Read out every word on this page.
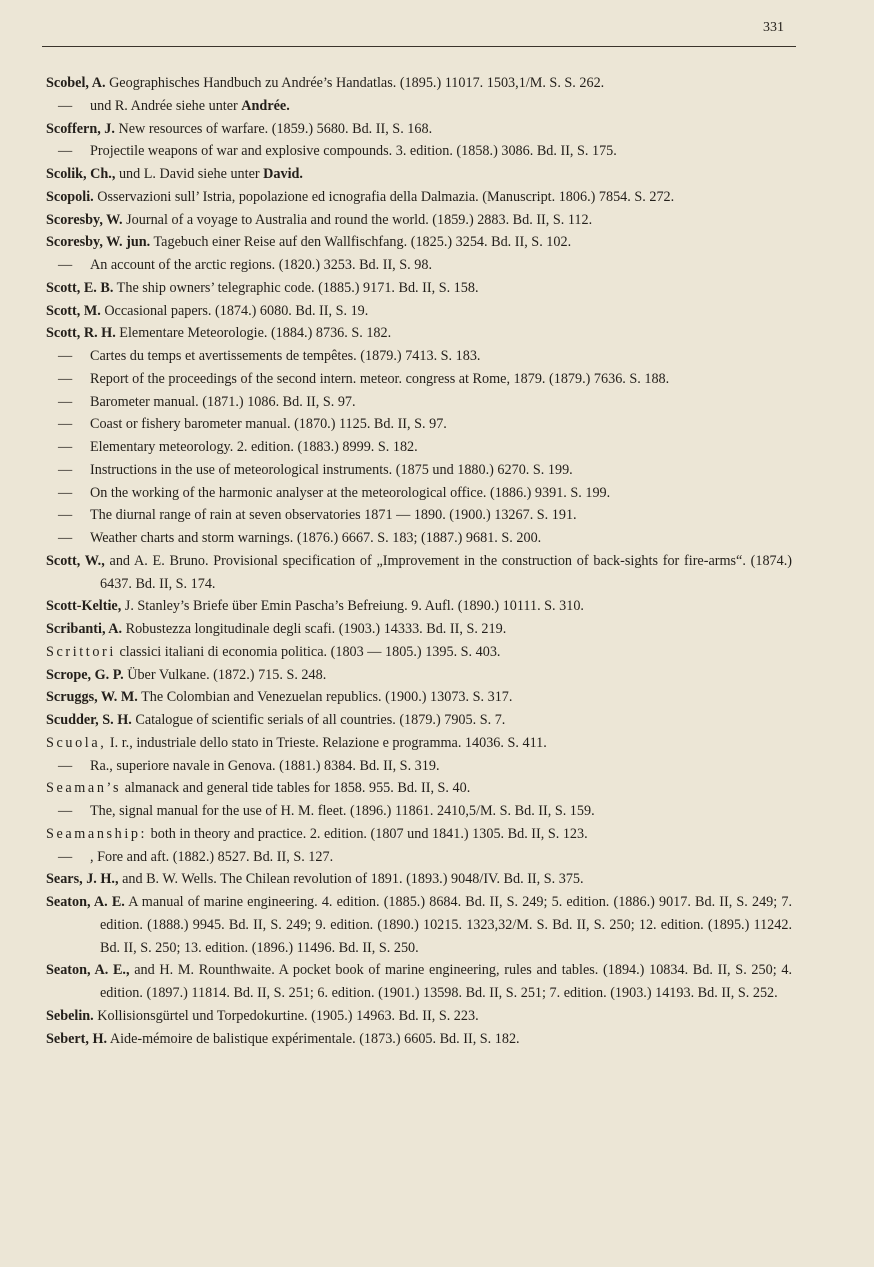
331

Scobel, A. Geographisches Handbuch zu Andrée’s Handatlas. (1895.) 11017. 1503,1/M. S. S. 262.

— und R. Andrée siehe unter Andrée.

Scoffern, J. New resources of warfare. (1859.) 5680. Bd. II, S. 168.

— Projectile weapons of war and explosive compounds. 3. edition. (1858.) 3086. Bd. II, S. 175.

Scolik, Ch., und L. David siehe unter David.

Scopoli. Osservazioni sull’ Istria, popolazione ed icnografia della Dalmazia. (Manuscript. 1806.) 7854. S. 272.

Scoresby, W. Journal of a voyage to Australia and round the world. (1859.) 2883. Bd. II, S. 112.

Scoresby, W. jun. Tagebuch einer Reise auf den Wallfischfang. (1825.) 3254. Bd. II, S. 102.

— An account of the arctic regions. (1820.) 3253. Bd. II, S. 98.

Scott, E. B. The ship owners’ telegraphic code. (1885.) 9171. Bd. II, S. 158.

Scott, M. Occasional papers. (1874.) 6080. Bd. II, S. 19.

Scott, R. H. Elementare Meteorologie. (1884.) 8736. S. 182.

— Cartes du temps et avertissements de tempêtes. (1879.) 7413. S. 183.

— Report of the proceedings of the second intern. meteor. congress at Rome, 1879. (1879.) 7636. S. 188.

— Barometer manual. (1871.) 1086. Bd. II, S. 97.

— Coast or fishery barometer manual. (1870.) 1125. Bd. II, S. 97.

— Elementary meteorology. 2. edition. (1883.) 8999. S. 182.

— Instructions in the use of meteorological instruments. (1875 und 1880.) 6270. S. 199.

— On the working of the harmonic analyser at the meteorological office. (1886.) 9391. S. 199.

— The diurnal range of rain at seven observatories 1871 — 1890. (1900.) 13267. S. 191.

— Weather charts and storm warnings. (1876.) 6667. S. 183; (1887.) 9681. S. 200.

Scott, W., and A. E. Bruno. Provisional specification of „Improvement in the construction of back-sights for fire-arms“. (1874.) 6437. Bd. II, S. 174.

Scott-Keltie, J. Stanley’s Briefe über Emin Pascha’s Befreiung. 9. Aufl. (1890.) 10111. S. 310.

Scribanti, A. Robustezza longitudinale degli scafi. (1903.) 14333. Bd. II, S. 219.

Scrittori classici italiani di economia politica. (1803 — 1805.) 1395. S. 403.

Scrope, G. P. Über Vulkane. (1872.) 715. S. 248.

Scruggs, W. M. The Colombian and Venezuelan republics. (1900.) 13073. S. 317.

Scudder, S. H. Catalogue of scientific serials of all countries. (1879.) 7905. S. 7.

Scuola, I. r., industriale dello stato in Trieste. Relazione e programma. 14036. S. 411.

— Ra., superiore navale in Genova. (1881.) 8384. Bd. II, S. 319.

Seaman’s almanack and general tide tables for 1858. 955. Bd. II, S. 40.

— The, signal manual for the use of H. M. fleet. (1896.) 11861. 2410,5/M. S. Bd. II, S. 159.

Seamanship: both in theory and practice. 2. edition. (1807 und 1841.) 1305. Bd. II, S. 123.

— , Fore and aft. (1882.) 8527. Bd. II, S. 127.

Sears, J. H., and B. W. Wells. The Chilean revolution of 1891. (1893.) 9048/IV. Bd. II, S. 375.

Seaton, A. E. A manual of marine engineering. 4. edition. (1885.) 8684. Bd. II, S. 249; 5. edition. (1886.) 9017. Bd. II, S. 249; 7. edition. (1888.) 9945. Bd. II, S. 249; 9. edition. (1890.) 10215. 1323,32/M. S. Bd. II, S. 250; 12. edition. (1895.) 11242. Bd. II, S. 250; 13. edition. (1896.) 11496. Bd. II, S. 250.

Seaton, A. E., and H. M. Rounthwaite. A pocket book of marine engineering, rules and tables. (1894.) 10834. Bd. II, S. 250; 4. edition. (1897.) 11814. Bd. II, S. 251; 6. edition. (1901.) 13598. Bd. II, S. 251; 7. edition. (1903.) 14193. Bd. II, S. 252.

Sebelin. Kollisionsgürtel und Torpedokurtine. (1905.) 14963. Bd. II, S. 223.

Sebert, H. Aide-mémoire de balistique expérimentale. (1873.) 6605. Bd. II, S. 182.
